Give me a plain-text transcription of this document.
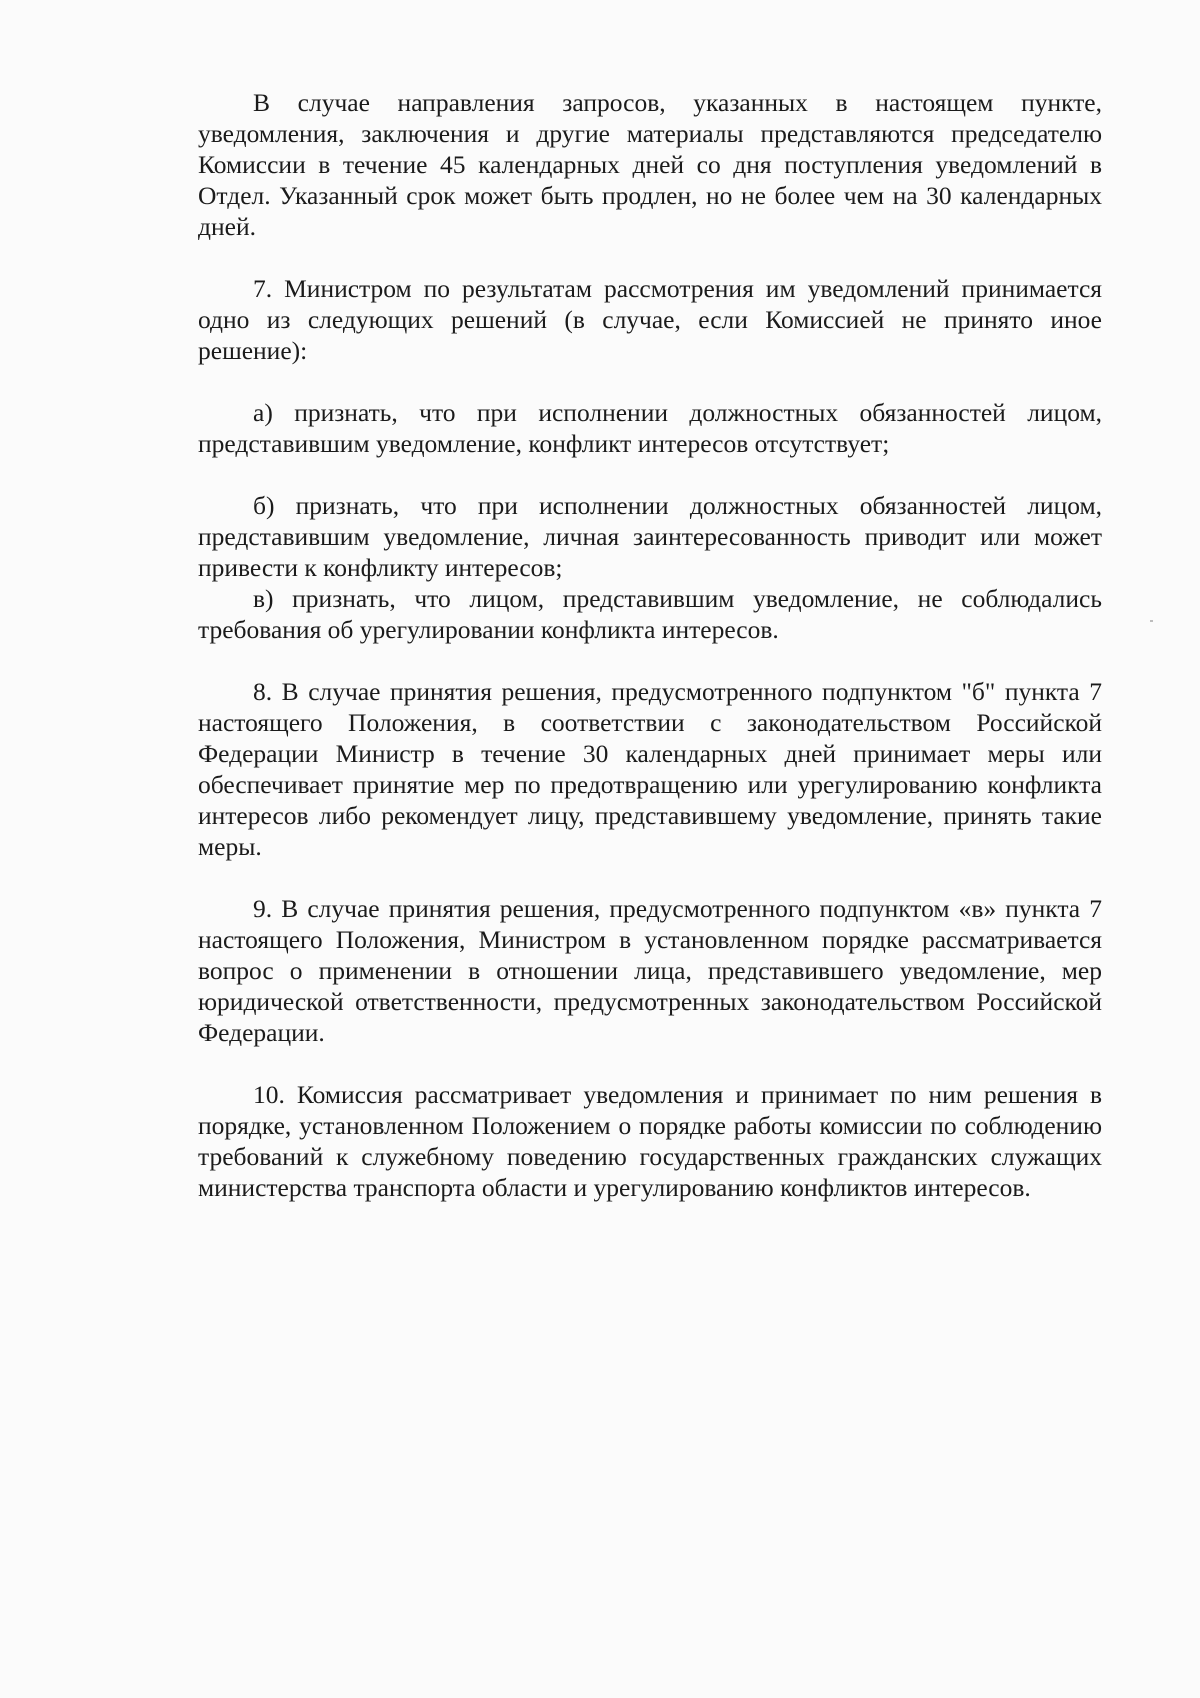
В случае направления запросов, указанных в настоящем пункте, уведомления, заключения и другие материалы представляются председателю Комиссии в течение 45 календарных дней со дня поступления уведомлений в Отдел. Указанный срок может быть продлен, но не более чем на 30 календарных дней.

7. Министром по результатам рассмотрения им уведомлений принимается одно из следующих решений (в случае, если Комиссией не принято иное решение):

а) признать, что при исполнении должностных обязанностей лицом, представившим уведомление, конфликт интересов отсутствует;

б) признать, что при исполнении должностных обязанностей лицом, представившим уведомление, личная заинтересованность приводит или может привести к конфликту интересов;

в) признать, что лицом, представившим уведомление, не соблюдались требования об урегулировании конфликта интересов.

8. В случае принятия решения, предусмотренного подпунктом "б" пункта 7 настоящего Положения, в соответствии с законодательством Российской Федерации Министр в течение 30 календарных дней принимает меры или обеспечивает принятие мер по предотвращению или урегулированию конфликта интересов либо рекомендует лицу, представившему уведомление, принять такие меры.

9. В случае принятия решения, предусмотренного подпунктом «в» пункта 7 настоящего Положения, Министром в установленном порядке рассматривается вопрос о применении в отношении лица, представившего уведомление, мер юридической ответственности, предусмотренных законодательством Российской Федерации.

10. Комиссия рассматривает уведомления и принимает по ним решения в порядке, установленном Положением о порядке работы комиссии по соблюдению требований к служебному поведению государственных гражданских служащих министерства транспорта области и урегулированию конфликтов интересов.
